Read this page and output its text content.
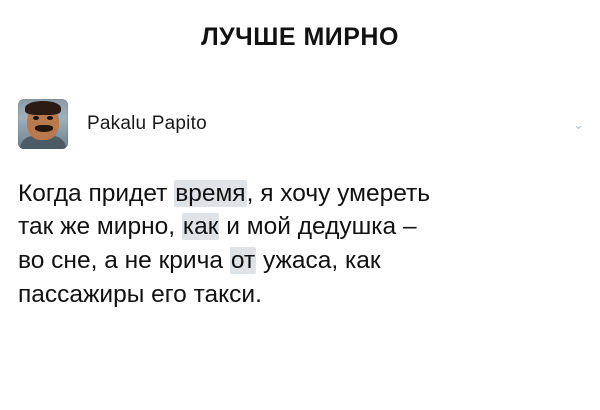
ЛУЧШЕ МИРНО
Pakalu Papito	⌄
Когда придет время, я хочу умереть
так же мирно, как и мой дедушка –
во сне, а не крича от ужаса, как
пассажиры его такси.
